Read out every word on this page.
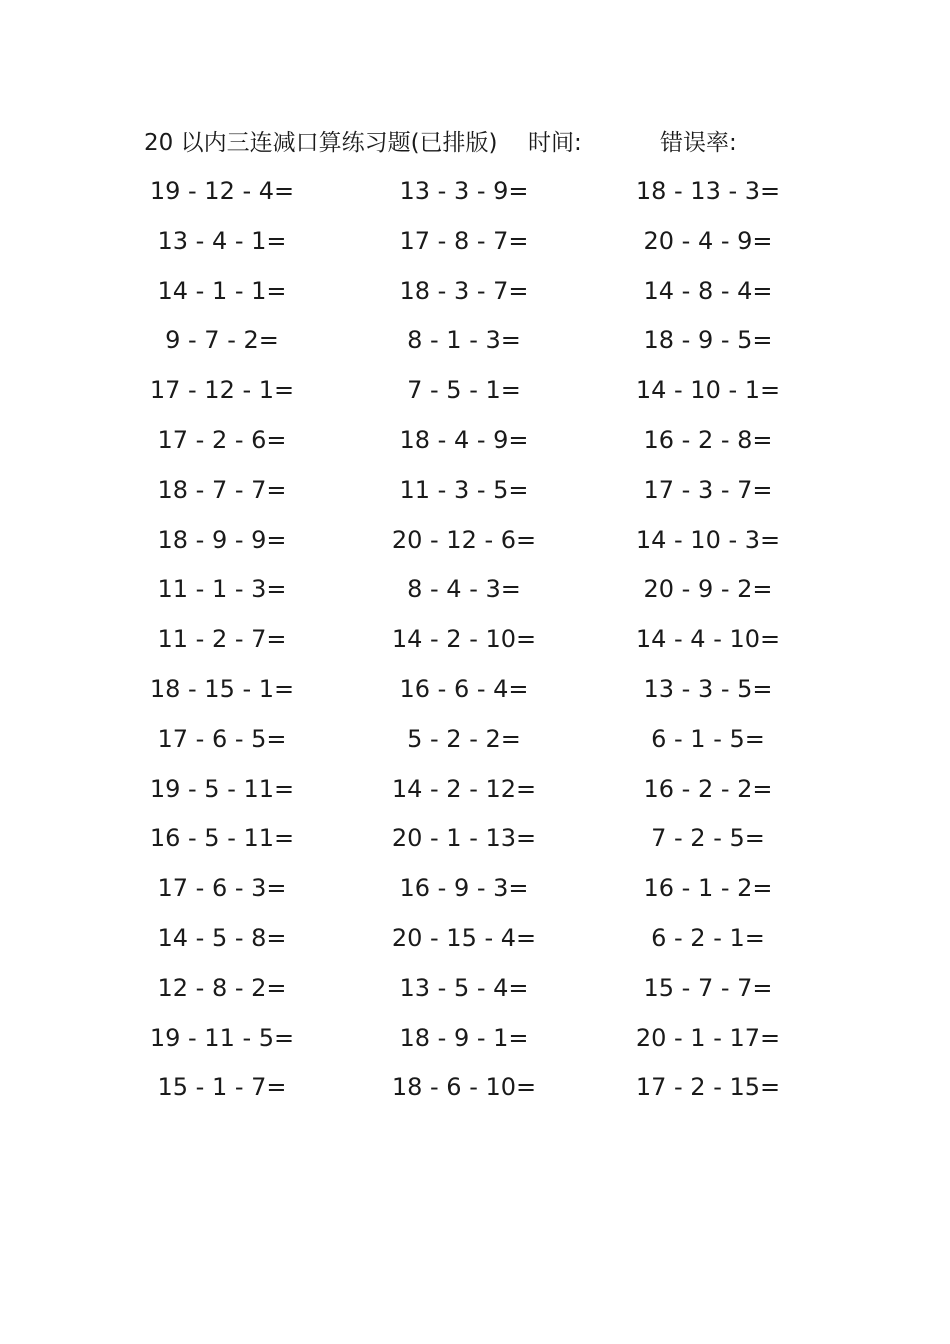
20 以内三连减口算练习题(已排版) 时间:	错误率:
19 - 12 - 4=	13 - 3 - 9=	18 - 13 - 3=
13 - 4 - 1=	17 - 8 - 7=	20 - 4 - 9=
14 - 1 - 1=	18 - 3 - 7=	14 - 8 - 4=
9 - 7 - 2=	8 - 1 - 3=	18 - 9 - 5=
17 - 12 - 1=	7 - 5 - 1=	14 - 10 - 1=
17 - 2 - 6=	18 - 4 - 9=	16 - 2 - 8=
18 - 7 - 7=	11 - 3 - 5=	17 - 3 - 7=
18 - 9 - 9=	20 - 12 - 6=	14 - 10 - 3=
11 - 1 - 3=	8 - 4 - 3=	20 - 9 - 2=
11 - 2 - 7=	14 - 2 - 10=	14 - 4 - 10=
18 - 15 - 1=	16 - 6 - 4=	13 - 3 - 5=
17 - 6 - 5=	5 - 2 - 2=	6 - 1 - 5=
19 - 5 - 11=	14 - 2 - 12=	16 - 2 - 2=
16 - 5 - 11=	20 - 1 - 13=	7 - 2 - 5=
17 - 6 - 3=	16 - 9 - 3=	16 - 1 - 2=
14 - 5 - 8=	20 - 15 - 4=	6 - 2 - 1=
12 - 8 - 2=	13 - 5 - 4=	15 - 7 - 7=
19 - 11 - 5=	18 - 9 - 1=	20 - 1 - 17=
15 - 1 - 7=	18 - 6 - 10=	17 - 2 - 15=
